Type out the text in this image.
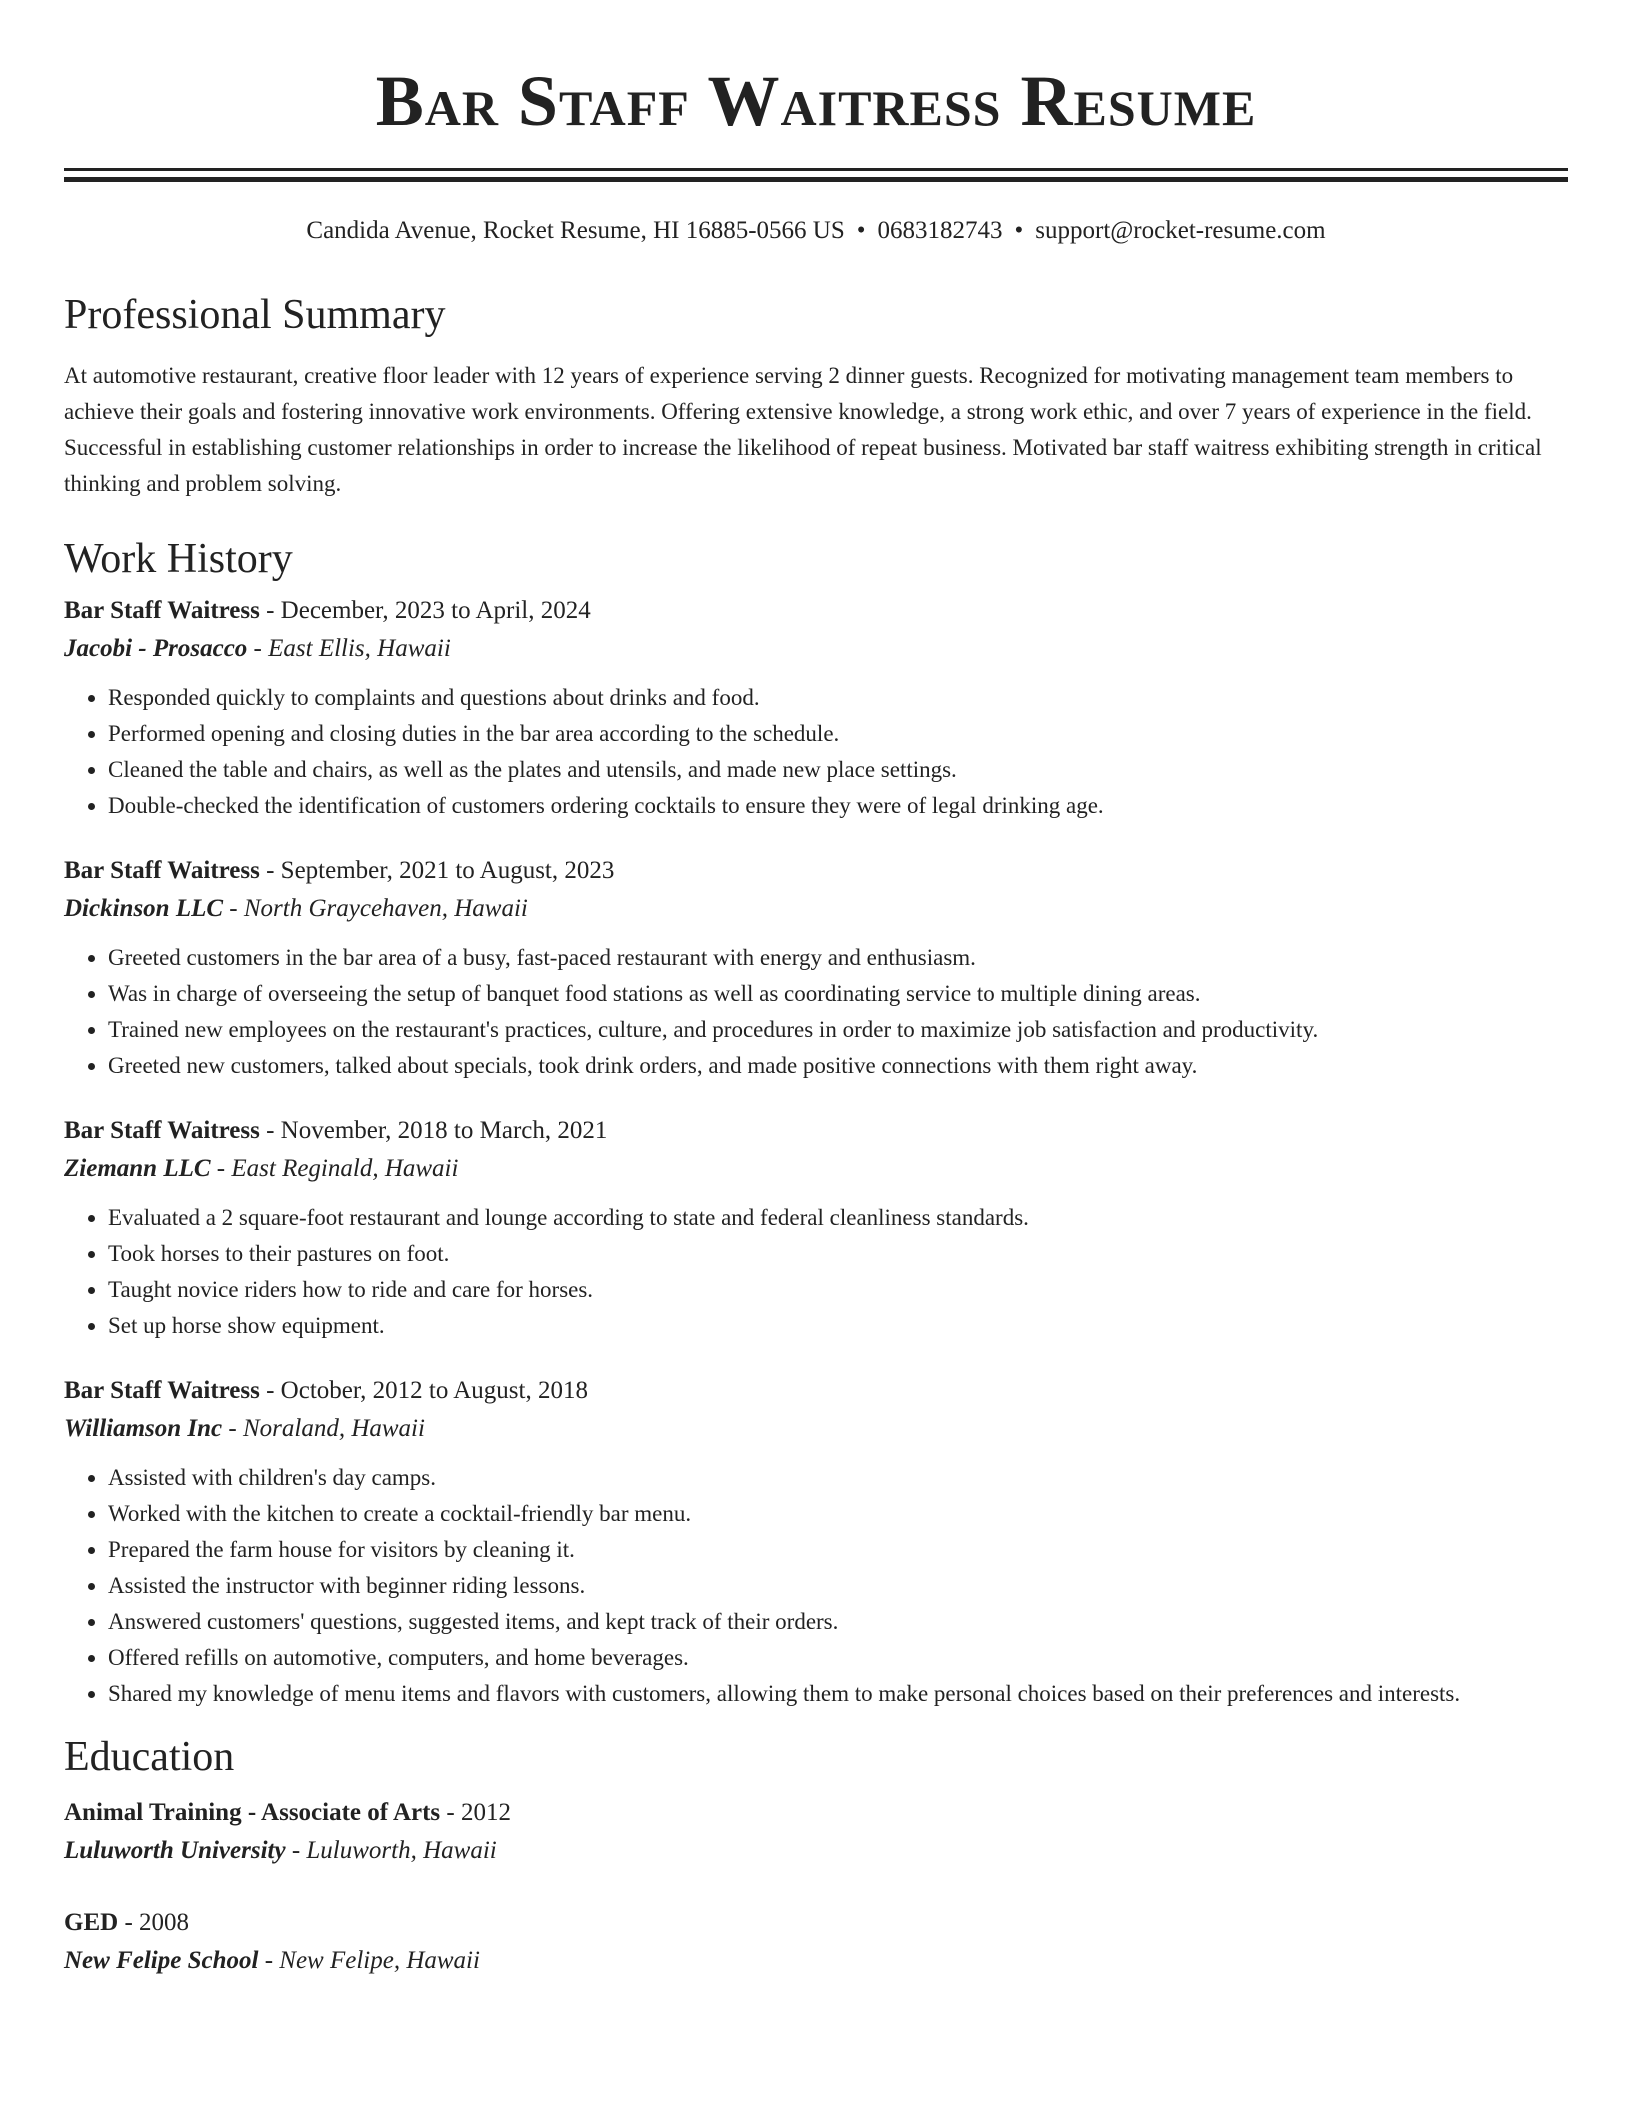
Bar Staff Waitress Resume
Candida Avenue, Rocket Resume, HI 16885-0566 US • 0683182743 • support@rocket-resume.com
Professional Summary

At automotive restaurant, creative floor leader with 12 years of experience serving 2 dinner guests. Recognized for motivating management team members to achieve their goals and fostering innovative work environments. Offering extensive knowledge, a strong work ethic, and over 7 years of experience in the field. Successful in establishing customer relationships in order to increase the likelihood of repeat business. Motivated bar staff waitress exhibiting strength in critical thinking and problem solving.

Work History
Bar Staff Waitress - December, 2023 to April, 2024
Jacobi - Prosacco - East Ellis, Hawaii
• Responded quickly to complaints and questions about drinks and food.
• Performed opening and closing duties in the bar area according to the schedule.
• Cleaned the table and chairs, as well as the plates and utensils, and made new place settings.
• Double-checked the identification of customers ordering cocktails to ensure they were of legal drinking age.
Bar Staff Waitress - September, 2021 to August, 2023
Dickinson LLC - North Graycehaven, Hawaii
• Greeted customers in the bar area of a busy, fast-paced restaurant with energy and enthusiasm.
• Was in charge of overseeing the setup of banquet food stations as well as coordinating service to multiple dining areas.
• Trained new employees on the restaurant's practices, culture, and procedures in order to maximize job satisfaction and productivity.
• Greeted new customers, talked about specials, took drink orders, and made positive connections with them right away.
Bar Staff Waitress - November, 2018 to March, 2021
Ziemann LLC - East Reginald, Hawaii
• Evaluated a 2 square-foot restaurant and lounge according to state and federal cleanliness standards.
• Took horses to their pastures on foot.
• Taught novice riders how to ride and care for horses.
• Set up horse show equipment.
Bar Staff Waitress - October, 2012 to August, 2018
Williamson Inc - Noraland, Hawaii
• Assisted with children's day camps.
• Worked with the kitchen to create a cocktail-friendly bar menu.
• Prepared the farm house for visitors by cleaning it.
• Assisted the instructor with beginner riding lessons.
• Answered customers' questions, suggested items, and kept track of their orders.
• Offered refills on automotive, computers, and home beverages.
• Shared my knowledge of menu items and flavors with customers, allowing them to make personal choices based on their preferences and interests.
Education
Animal Training - Associate of Arts - 2012
Luluworth University - Luluworth, Hawaii
GED - 2008
New Felipe School - New Felipe, Hawaii
